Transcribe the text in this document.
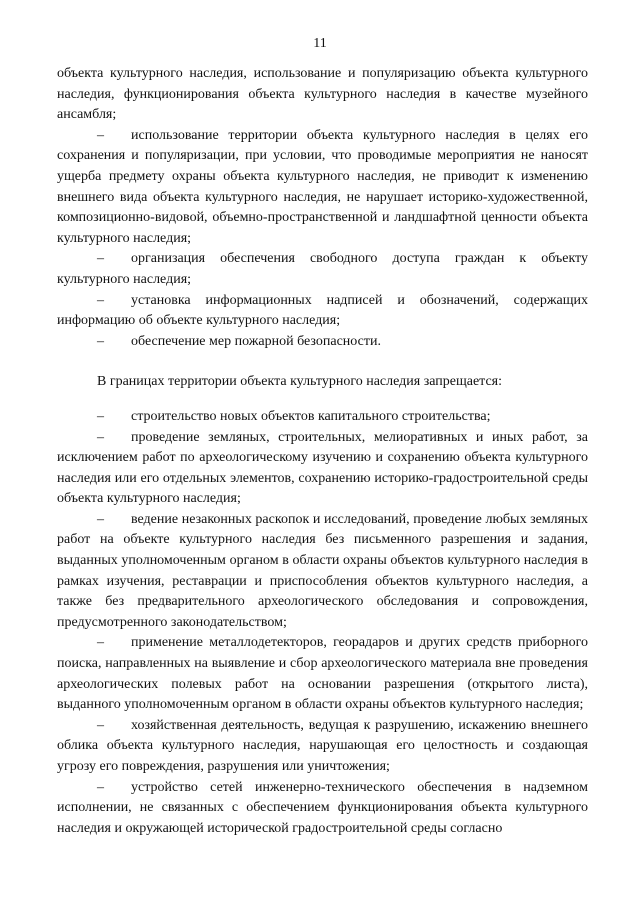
11

объекта культурного наследия, использование и популяризацию объекта культурного наследия, функционирования объекта культурного наследия в качестве музейного ансамбля;

– использование территории объекта культурного наследия в целях его сохранения и популяризации, при условии, что проводимые мероприятия не наносят ущерба предмету охраны объекта культурного наследия, не приводит к изменению внешнего вида объекта культурного наследия, не нарушает историко-художественной, композиционно-видовой, объемно-пространственной и ландшафтной ценности объекта культурного наследия;

– организация обеспечения свободного доступа граждан к объекту культурного наследия;

– установка информационных надписей и обозначений, содержащих информацию об объекте культурного наследия;

– обеспечение мер пожарной безопасности.

В границах территории объекта культурного наследия запрещается:

– строительство новых объектов капитального строительства;

– проведение земляных, строительных, мелиоративных и иных работ, за исключением работ по археологическому изучению и сохранению объекта культурного наследия или его отдельных элементов, сохранению историко-градостроительной среды объекта культурного наследия;

– ведение незаконных раскопок и исследований, проведение любых земляных работ на объекте культурного наследия без письменного разрешения и задания, выданных уполномоченным органом в области охраны объектов культурного наследия в рамках изучения, реставрации и приспособления объектов культурного наследия, а также без предварительного археологического обследования и сопровождения, предусмотренного законодательством;

– применение металлодетекторов, георадаров и других средств приборного поиска, направленных на выявление и сбор археологического материала вне проведения археологических полевых работ на основании разрешения (открытого листа), выданного уполномоченным органом в области охраны объектов культурного наследия;

– хозяйственная деятельность, ведущая к разрушению, искажению внешнего облика объекта культурного наследия, нарушающая его целостность и создающая угрозу его повреждения, разрушения или уничтожения;

– устройство сетей инженерно-технического обеспечения в надземном исполнении, не связанных с обеспечением функционирования объекта культурного наследия и окружающей исторической градостроительной среды согласно
